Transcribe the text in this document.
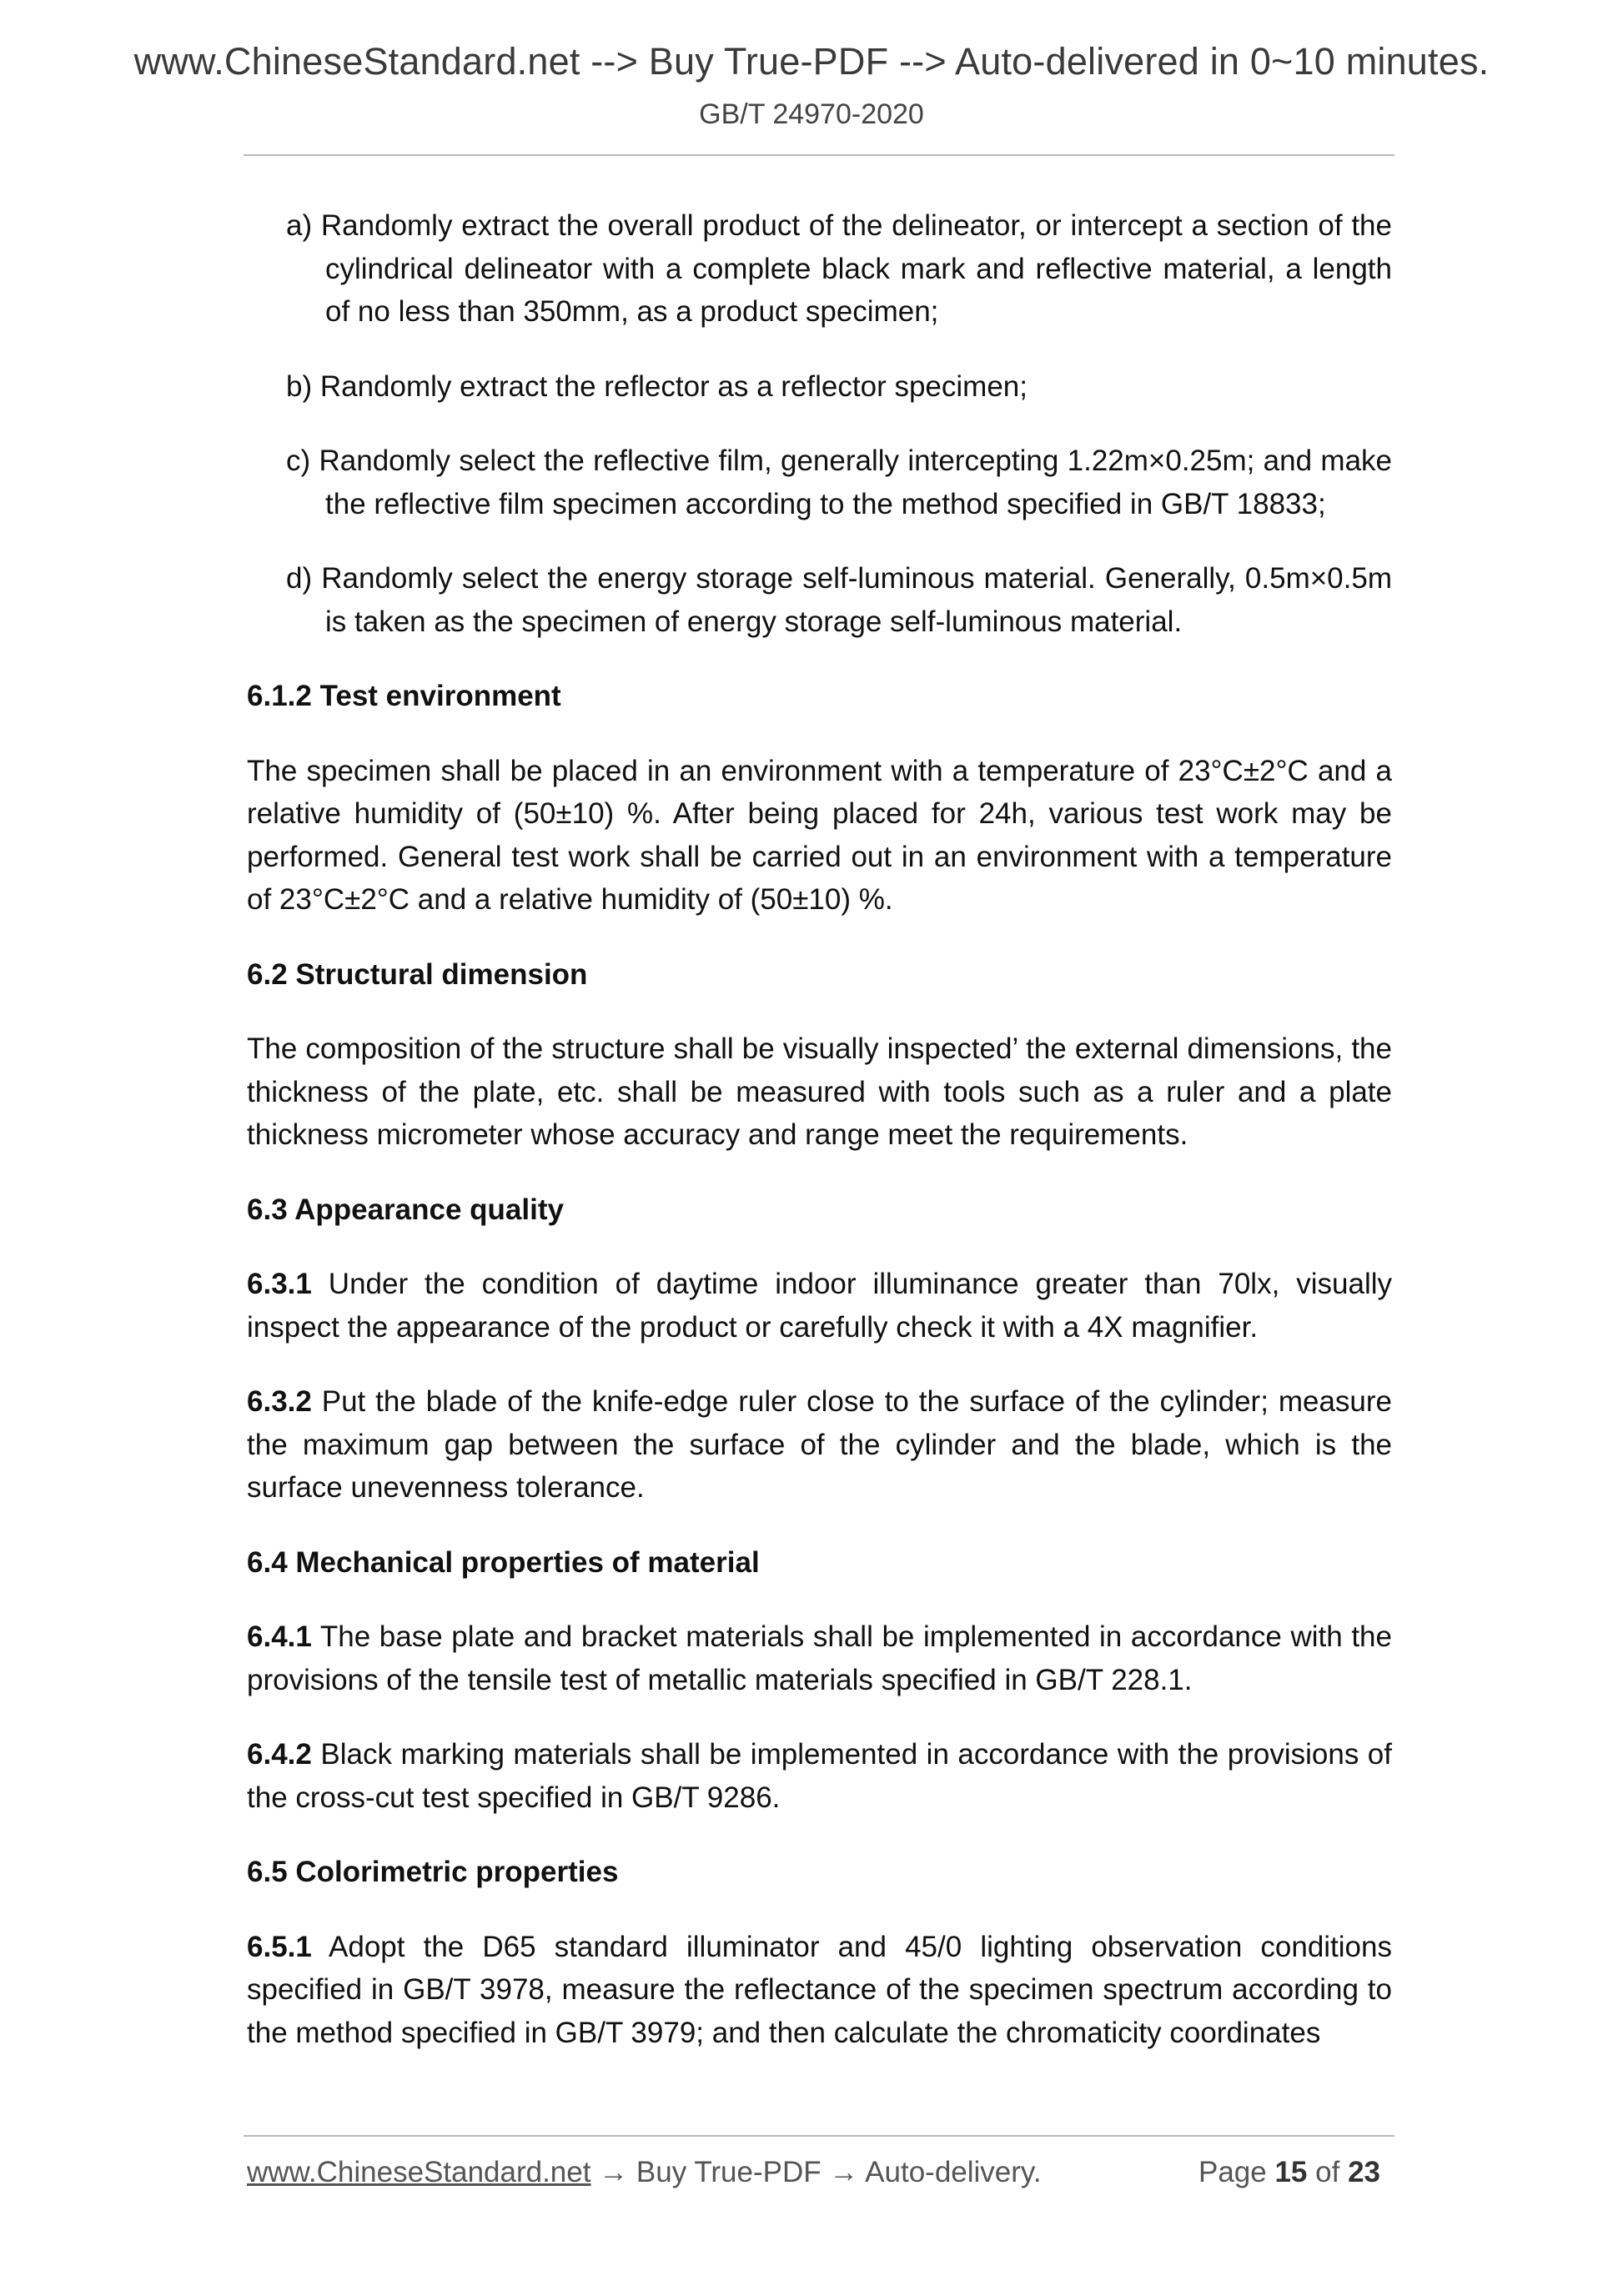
www.ChineseStandard.net --> Buy True-PDF --> Auto-delivered in 0~10 minutes.
GB/T 24970-2020

a) Randomly extract the overall product of the delineator, or intercept a section of the cylindrical delineator with a complete black mark and reflective material, a length of no less than 350mm, as a product specimen;

b) Randomly extract the reflector as a reflector specimen;

c) Randomly select the reflective film, generally intercepting 1.22m×0.25m; and make the reflective film specimen according to the method specified in GB/T 18833;

d) Randomly select the energy storage self-luminous material. Generally, 0.5m×0.5m is taken as the specimen of energy storage self-luminous material.

6.1.2 Test environment

The specimen shall be placed in an environment with a temperature of 23°C±2°C and a relative humidity of (50±10) %. After being placed for 24h, various test work may be performed. General test work shall be carried out in an environment with a temperature of 23°C±2°C and a relative humidity of (50±10) %.

6.2 Structural dimension

The composition of the structure shall be visually inspected’ the external dimensions, the thickness of the plate, etc. shall be measured with tools such as a ruler and a plate thickness micrometer whose accuracy and range meet the requirements.

6.3 Appearance quality

6.3.1 Under the condition of daytime indoor illuminance greater than 70lx, visually inspect the appearance of the product or carefully check it with a 4X magnifier.

6.3.2 Put the blade of the knife-edge ruler close to the surface of the cylinder; measure the maximum gap between the surface of the cylinder and the blade, which is the surface unevenness tolerance.

6.4 Mechanical properties of material

6.4.1 The base plate and bracket materials shall be implemented in accordance with the provisions of the tensile test of metallic materials specified in GB/T 228.1.

6.4.2 Black marking materials shall be implemented in accordance with the provisions of the cross-cut test specified in GB/T 9286.

6.5 Colorimetric properties

6.5.1 Adopt the D65 standard illuminator and 45/0 lighting observation conditions specified in GB/T 3978, measure the reflectance of the specimen spectrum according to the method specified in GB/T 3979; and then calculate the chromaticity coordinates

www.ChineseStandard.net → Buy True-PDF → Auto-delivery.	Page 15 of 23
